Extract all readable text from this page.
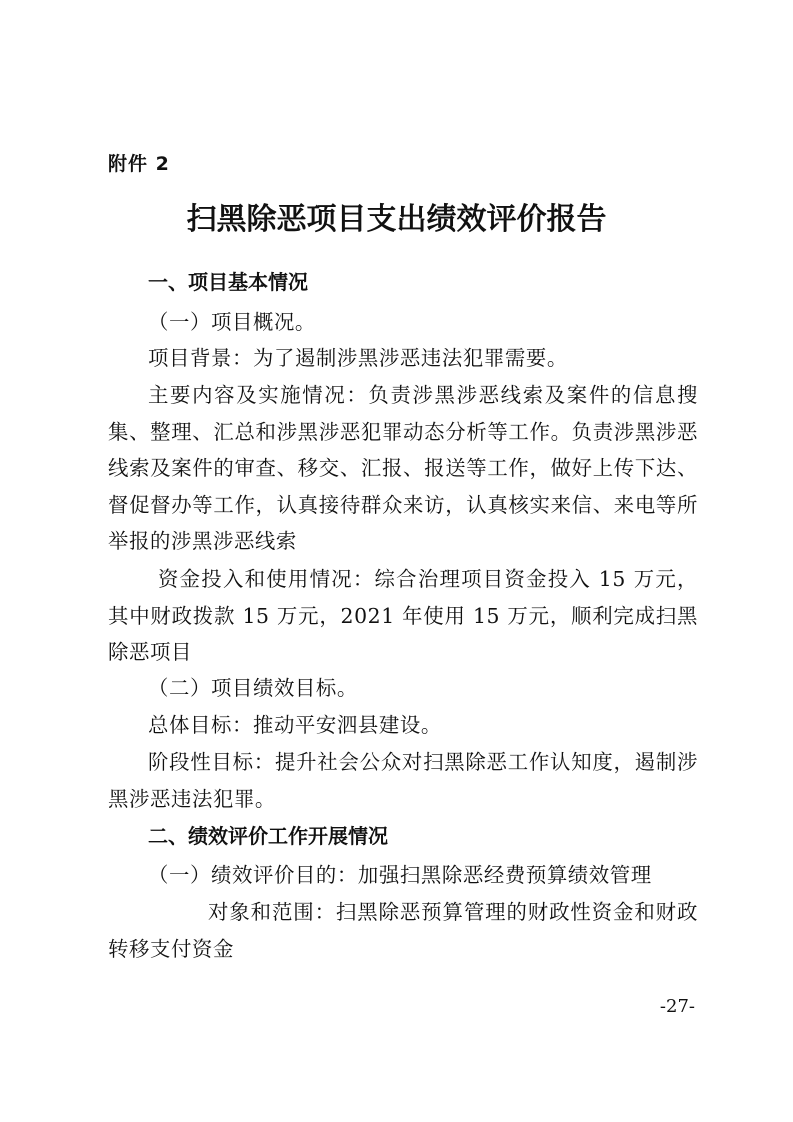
附件 2
扫黑除恶项目支出绩效评价报告
一、项目基本情况
（一）项目概况。
项目背景：为了遏制涉黑涉恶违法犯罪需要。
主要内容及实施情况：负责涉黑涉恶线索及案件的信息搜集、整理、汇总和涉黑涉恶犯罪动态分析等工作。负责涉黑涉恶线索及案件的审查、移交、汇报、报送等工作，做好上传下达、督促督办等工作，认真接待群众来访，认真核实来信、来电等所举报的涉黑涉恶线索
资金投入和使用情况：综合治理项目资金投入 15 万元，其中财政拨款 15 万元，2021 年使用 15 万元，顺利完成扫黑除恶项目
（二）项目绩效目标。
总体目标：推动平安泗县建设。
阶段性目标：提升社会公众对扫黑除恶工作认知度，遏制涉黑涉恶违法犯罪。
二、绩效评价工作开展情况
（一）绩效评价目的：加强扫黑除恶经费预算绩效管理
对象和范围：扫黑除恶预算管理的财政性资金和财政转移支付资金
-27-
